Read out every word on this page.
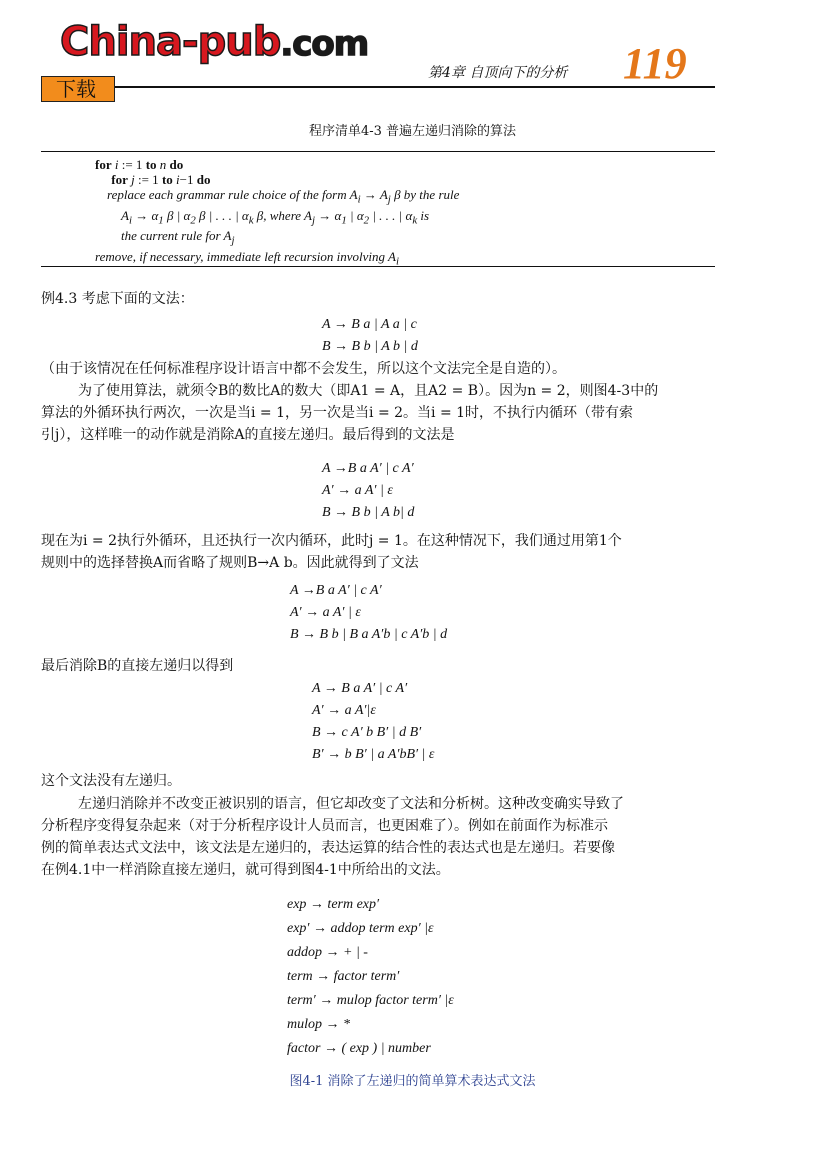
China-pub.com
下载
第4章 自顶向下的分析 119
程序清单4-3 普遍左递归消除的算法
for i := 1 to n do
for j := 1 to i−1 do
replace each grammar rule choice of the form $A_i \to A_j$ β by the rule
$A_i \to \alpha_1$ β | $\alpha_2$ β | . . . | $\alpha_k$ β, where $A_j \to \alpha_1$ | $\alpha_2$ | . . . | $\alpha_k$ is
the current rule for $A_j$
remove, if necessary, immediate left recursion involving $A_i$
例4.3 考虑下面的文法：
A → B a | A a | c
B → B b | A b | d
（由于该情况在任何标准程序设计语言中都不会发生，所以这个文法完全是自造的）。
为了使用算法，就须令B的数比A的数大（即A1 = A，且A2 = B）。因为n = 2，则图4-3中的
算法的外循环执行两次，一次是当i = 1，另一次是当i = 2。当i = 1时，不执行内循环（带有索
引j），这样唯一的动作就是消除A的直接左递归。最后得到的文法是
A →B a A′ | c A′
A′ → a A′ | ε
B → B b | A b| d
现在为i = 2执行外循环，且还执行一次内循环，此时j = 1。在这种情况下，我们通过用第1个
规则中的选择替换A而省略了规则B→A b。因此就得到了文法
A →B a A′ | c A′
A′ → a A′ | ε
B → B b | B a A′b | c A′b | d
最后消除B的直接左递归以得到
A → B a A′ | c A′
A′ → a A′|ε
B → c A′ b B′ | d B′
B′ → b B′ | a A′bB′ | ε
这个文法没有左递归。
左递归消除并不改变正被识别的语言，但它却改变了文法和分析树。这种改变确实导致了
分析程序变得复杂起来（对于分析程序设计人员而言，也更困难了）。例如在前面作为标准示
例的简单表达式文法中，该文法是左递归的，表达运算的结合性的表达式也是左递归。若要像
在例4.1中一样消除直接左递归，就可得到图4-1中所给出的文法。
exp → term exp′
exp′ → addop term exp′ |ε
addop → + | -
term → factor term′
term′ → mulop factor term′ |ε
mulop → *
factor → ( exp ) | number
图4-1 消除了左递归的简单算术表达式文法
